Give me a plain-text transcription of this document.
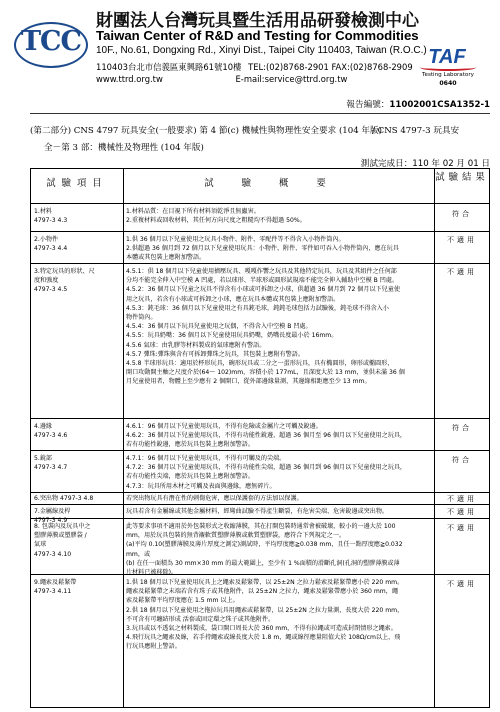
TCC
財團法人台灣玩具暨生活用品研發檢測中心
Taiwan Center of R&D and Testing for Commodities
10F., No.61, Dongxing Rd., Xinyi Dist., Taipei City 110403, Taiwan (R.O.C.)
110403台北市信義區東興路61號10樓 TEL:(02)8768-2901 FAX:(02)8768-2909
www.ttrd.org.tw	E-mail:service@ttrd.org.tw
TAF
Testing Laboratory
0640
報告編號：11002001CSA1352-1
(第二部分) CNS 4797 玩具安全(一般要求) 第 4 節(c) 機械性與物理性安全要求 (104 年版)
/ CNS 4797-3 玩具安
全－第 3 部：機械性及物理性 (104 年版)
測試完成日：110 年 02 月 01 日
試驗項目	試驗概要
試驗結果
1.材料
4797-3 4.3
1.材料品質：在目視下所有材料須乾淨且無蟲害。
2.重複材料或回收材料，其任何方向尺度之粗糙均不得超過 50%。
符合
2.小物件
4797-3 4.4
1.供 36 個月以下兒童使用之玩具小物件、附件、零配件等不得含入小物件筒內。
2.供超過 36 個月到 72 個月以下兒童使用玩具：小物件、附件、零件如可吞入小物件筒內，應在玩具
本體或其包裝上應附加警語。
不適用
3.特定玩具的形狀、尺
度和強度
4797-3 4.5
4.5.1：供 18 個月以下兒童使用擠壓玩具、嘎嘎作響之玩具及其他特定玩具，玩具及其組件之任何部
分均不能完全伸入中空模 A 凹處，若以球形、半球形或圓形試規端不能完全伸入輔助中空模 B 凹處。
4.5.2：36 個月以下兒童之玩具不得含有小球或可拆卸之小球，供超過 36 個月到 72 個月以下兒童使
用之玩具，若含有小球或可拆卸之小球，應在玩具本體或其包裝上應附加警語。
4.5.3：鈍毛球：36 個月以下兒童使用之有具鈍毛球，鈍鈍毛球包括力試驗後，鈍毛球不得含入小
物件筒內。
4.5.4：36 個月以下玩具兒童使用之玩偶，不得含入中空模 B 凹處。
4.5.5：玩具奶嘴：36 個月以下兒童使用玩具奶嘴，奶嘴長度最小於 16mm。
4.5.6 氣球：由乳膠等材料製成的氣球應附有警語。
4.5.7 彈珠:彈珠與含有可拆卸彈珠之玩具，其包裝上應附有警語。
4.5.8 半球形玩具：適用於杯形玩具，碗形玩具或二分之一蛋形玩具，具有橢圓形，卵形或橢圓形，
開口攻動開主軸之尺度介於(64～ 102)mm，容積小於 177mL，且深度大於 13 mm，並供未滿 36 個
月兒童使用者，物體上至少應有 2 個開口，從外部邊緣量測，其邊緣相距應至少 13 mm。
不適用
4.邊緣
4797-3 4.6
4.6.1：96 個月以下兒童使用玩具，不得有危險或金屬片之可觸及銳邊。
4.6.2：36 個月以下兒童使用玩具，不得有功能性銳邊，超過 36 個月至 96 個月以下兒童使用之玩具，
若有功能性銳邊，應於玩具包裝上應附加警語。
符合
5.銳部
4797-3 4.7
4.7.1：96 個月以下兒童使用玩具，不得有可觸及的尖端。
4.7.2：36 個月以下兒童使用玩具，不得有功能性尖端，超過 36 個月到 96 個月以下兒童使用之玩具，
若有功能性尖端，應於玩具包裝上應附加警語。
4.7.3：玩具所用木材之可觸及表面與邊緣，應無碎片。
符合
6.突出物 4797-3 4.8	若突出物玩具有潛在性的刺傷危害，應以保護套的方法加以保護。	不適用
7.金屬線及桿
4797-3 4.9
玩具若含有金屬線或其他金屬材料，經彎曲試驗不得產生斷裂，有危害尖端、危害銳邊或突出物。	不適用
8. 包裝內及玩具中之
塑膠薄膜或塑膠袋 /
氣球
4797-3 4.10
此等要求事項不適用於外包裝形式之收縮薄膜，其在打開包裝時通常會被破壞，較小的一邊大於 100
mm，用於玩具包裝的無背襯軟質塑膠薄膜或軟質塑膠袋，應符合下列規定之一。
(a)平均 0.10(塑膠薄膜及薄片厚度之測定)測試時，平均厚度應≧0.038 mm，且任一點厚度應≧0.032
mm，或
(b) 在任一面積為 30 mm×30 mm 的最大範圍上，至少有 1 %面積的滑斷孔洞(孔洞的塑膠薄膜或薄
片材料已被移除)。
不適用
9.繩索及鬆緊帶
4797-3 4.11
1.供 18 個月以下兒童使用玩具上之繩索及鬆緊帶，以 25±2N 之拉力鬆索及鬆緊帶應小於 220 mm。
繩索及鬆緊帶之末端若含有珠子或其他附件，以 25±2N 之拉力，繩索及鬆緊帶應小於 360 mm，繩
索及鬆緊帶平均厚度應在 1.5 mm 以上。
2.供 18 個月以下兒童使用之拖拉玩具用繩索或鬆緊帶，以 25±2N 之拉力量測，長度大於 220 mm，
不可含有可纏結形成 活套或固定環之珠子或其他附件。
3.玩具或以不透氣之材料製成，袋口開口周長大於 360 mm，不得有拉繩或可造成封閉情形之繩索。
4.飛行玩具之繩索及線，若手持繩索或線長度大於 1.8 m，繩或線徑應量阻值大於 108Ω/cm以上，飛
行玩具應附上警語。
不適用
